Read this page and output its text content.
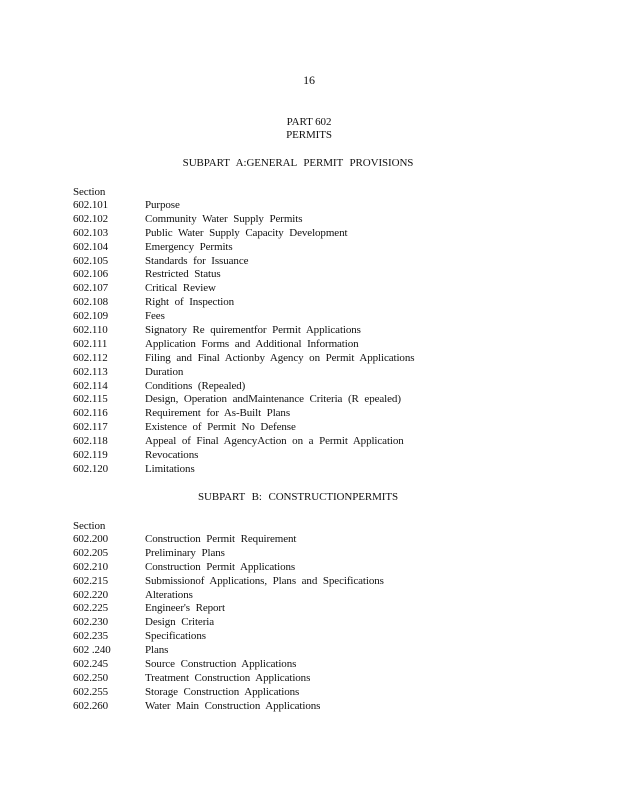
16
PART 602
PERMITS
SUBPART A:GENERAL PERMIT PROVISIONS
Section
602.101	Purpose
602.102	Community Water Supply Permits
602.103	Public Water Supply Capacity Development
602.104	Emergency Permits
602.105	Standards for Issuance
602.106	Restricted Status
602.107	Critical Review
602.108	Right of Inspection
602.109	Fees
602.110	Signatory Re quirementfor Permit Applications
602.111	Application Forms and Additional Information
602.112	Filing and Final Actionby Agency on Permit Applications
602.113	Duration
602.114	Conditions (Repealed)
602.115	Design, Operation andMaintenance Criteria (R epealed)
602.116	Requirement for As-Built Plans
602.117	Existence of Permit No Defense
602.118	Appeal of Final AgencyAction on a Permit Application
602.119	Revocations
602.120	Limitations
SUBPART B: CONSTRUCTIONPERMITS
Section
602.200	Construction Permit Requirement
602.205	Preliminary Plans
602.210	Construction Permit Applications
602.215	Submissionof Applications, Plans and Specifications
602.220	Alterations
602.225	Engineer's Report
602.230	Design Criteria
602.235	Specifications
602 .240	Plans
602.245	Source Construction Applications
602.250	Treatment Construction Applications
602.255	Storage Construction Applications
602.260	Water Main Construction Applications
